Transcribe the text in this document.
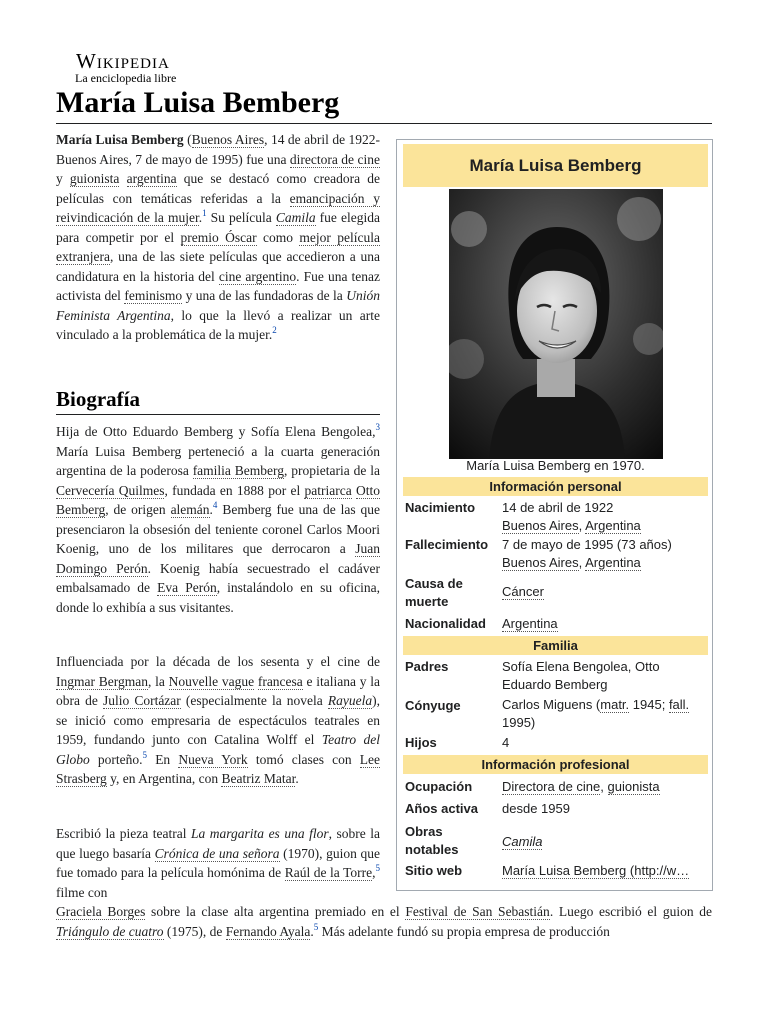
Wikipedia
La enciclopedia libre
María Luisa Bemberg

María Luisa Bemberg (Buenos Aires, 14 de abril de 1922-Buenos Aires, 7 de mayo de 1995) fue una directora de cine y guionista argentina que se destacó como creadora de películas con temáticas referidas a la emancipación y reivindicación de la mujer.$^1$ Su película Camila fue elegida para competir por el premio Óscar como mejor película extranjera, una de las siete películas que accedieron a una candidatura en la historia del cine argentino. Fue una tenaz activista del feminismo y una de las fundadoras de la Unión Feminista Argentina, lo que la llevó a realizar un arte vinculado a la problemática de la mujer.$^2$

Biografía

Hija de Otto Eduardo Bemberg y Sofía Elena Bengolea,$^3$ María Luisa Bemberg perteneció a la cuarta generación argentina de la poderosa familia Bemberg, propietaria de la Cervecería Quilmes, fundada en 1888 por el patriarca Otto Bemberg, de origen alemán.$^4$ Bemberg fue una de las que presenciaron la obsesión del teniente coronel Carlos Moori Koenig, uno de los militares que derrocaron a Juan Domingo Perón. Koenig había secuestrado el cadáver embalsamado de Eva Perón, instalándolo en su oficina, donde lo exhibía a sus visitantes.

Influenciada por la década de los sesenta y el cine de Ingmar Bergman, la Nouvelle vague francesa e italiana y la obra de Julio Cortázar (especialmente la novela Rayuela), se inició como empresaria de espectáculos teatrales en 1959, fundando junto con Catalina Wolff el Teatro del Globo porteño.$^5$ En Nueva York tomó clases con Lee Strasberg y, en Argentina, con Beatriz Matar.

Escribió la pieza teatral La margarita es una flor, sobre la que luego basaría Crónica de una señora (1970), guion que fue tomado para la película homónima de Raúl de la Torre,$^5$ filme con

Graciela Borges sobre la clase alta argentina premiado en el Festival de San Sebastián. Luego escribió el guion de Triángulo de cuatro (1975), de Fernando Ayala.$^5$ Más adelante fundó su propia empresa de producción

María Luisa Bemberg
María Luisa Bemberg en 1970.
Información personal
Nacimiento	14 de abril de 1922
Buenos Aires, Argentina
Fallecimiento	7 de mayo de 1995 (73 años)
Buenos Aires, Argentina
Causa de muerte
Cáncer
Nacionalidad	Argentina
Familia
Padres	Sofía Elena Bengolea, Otto Eduardo Bemberg
Cónyuge	Carlos Miguens (matr. 1945; fall. 1995)
Hijos	4
Información profesional
Ocupación	Directora de cine, guionista
Años activa	desde 1959
Obras notables
Camila
Sitio web	María Luisa Bemberg (http://w…
